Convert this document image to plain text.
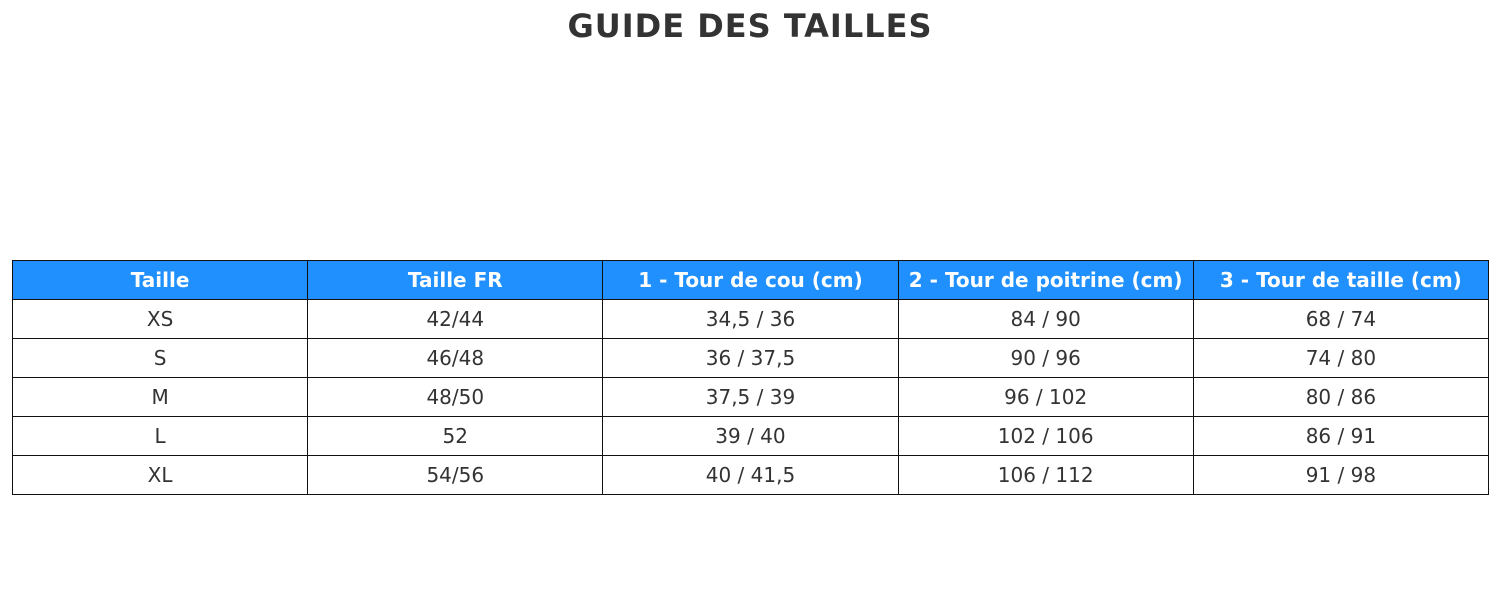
GUIDE DES TAILLES
Taille	Taille FR	1 - Tour de cou (cm)	2 - Tour de poitrine (cm)	3 - Tour de taille (cm)
XS	42/44	34,5 / 36	84 / 90	68 / 74
S	46/48	36 / 37,5	90 / 96	74 / 80
M	48/50	37,5 / 39	96 / 102	80 / 86
L	52	39 / 40	102 / 106	86 / 91
XL	54/56	40 / 41,5	106 / 112	91 / 98
